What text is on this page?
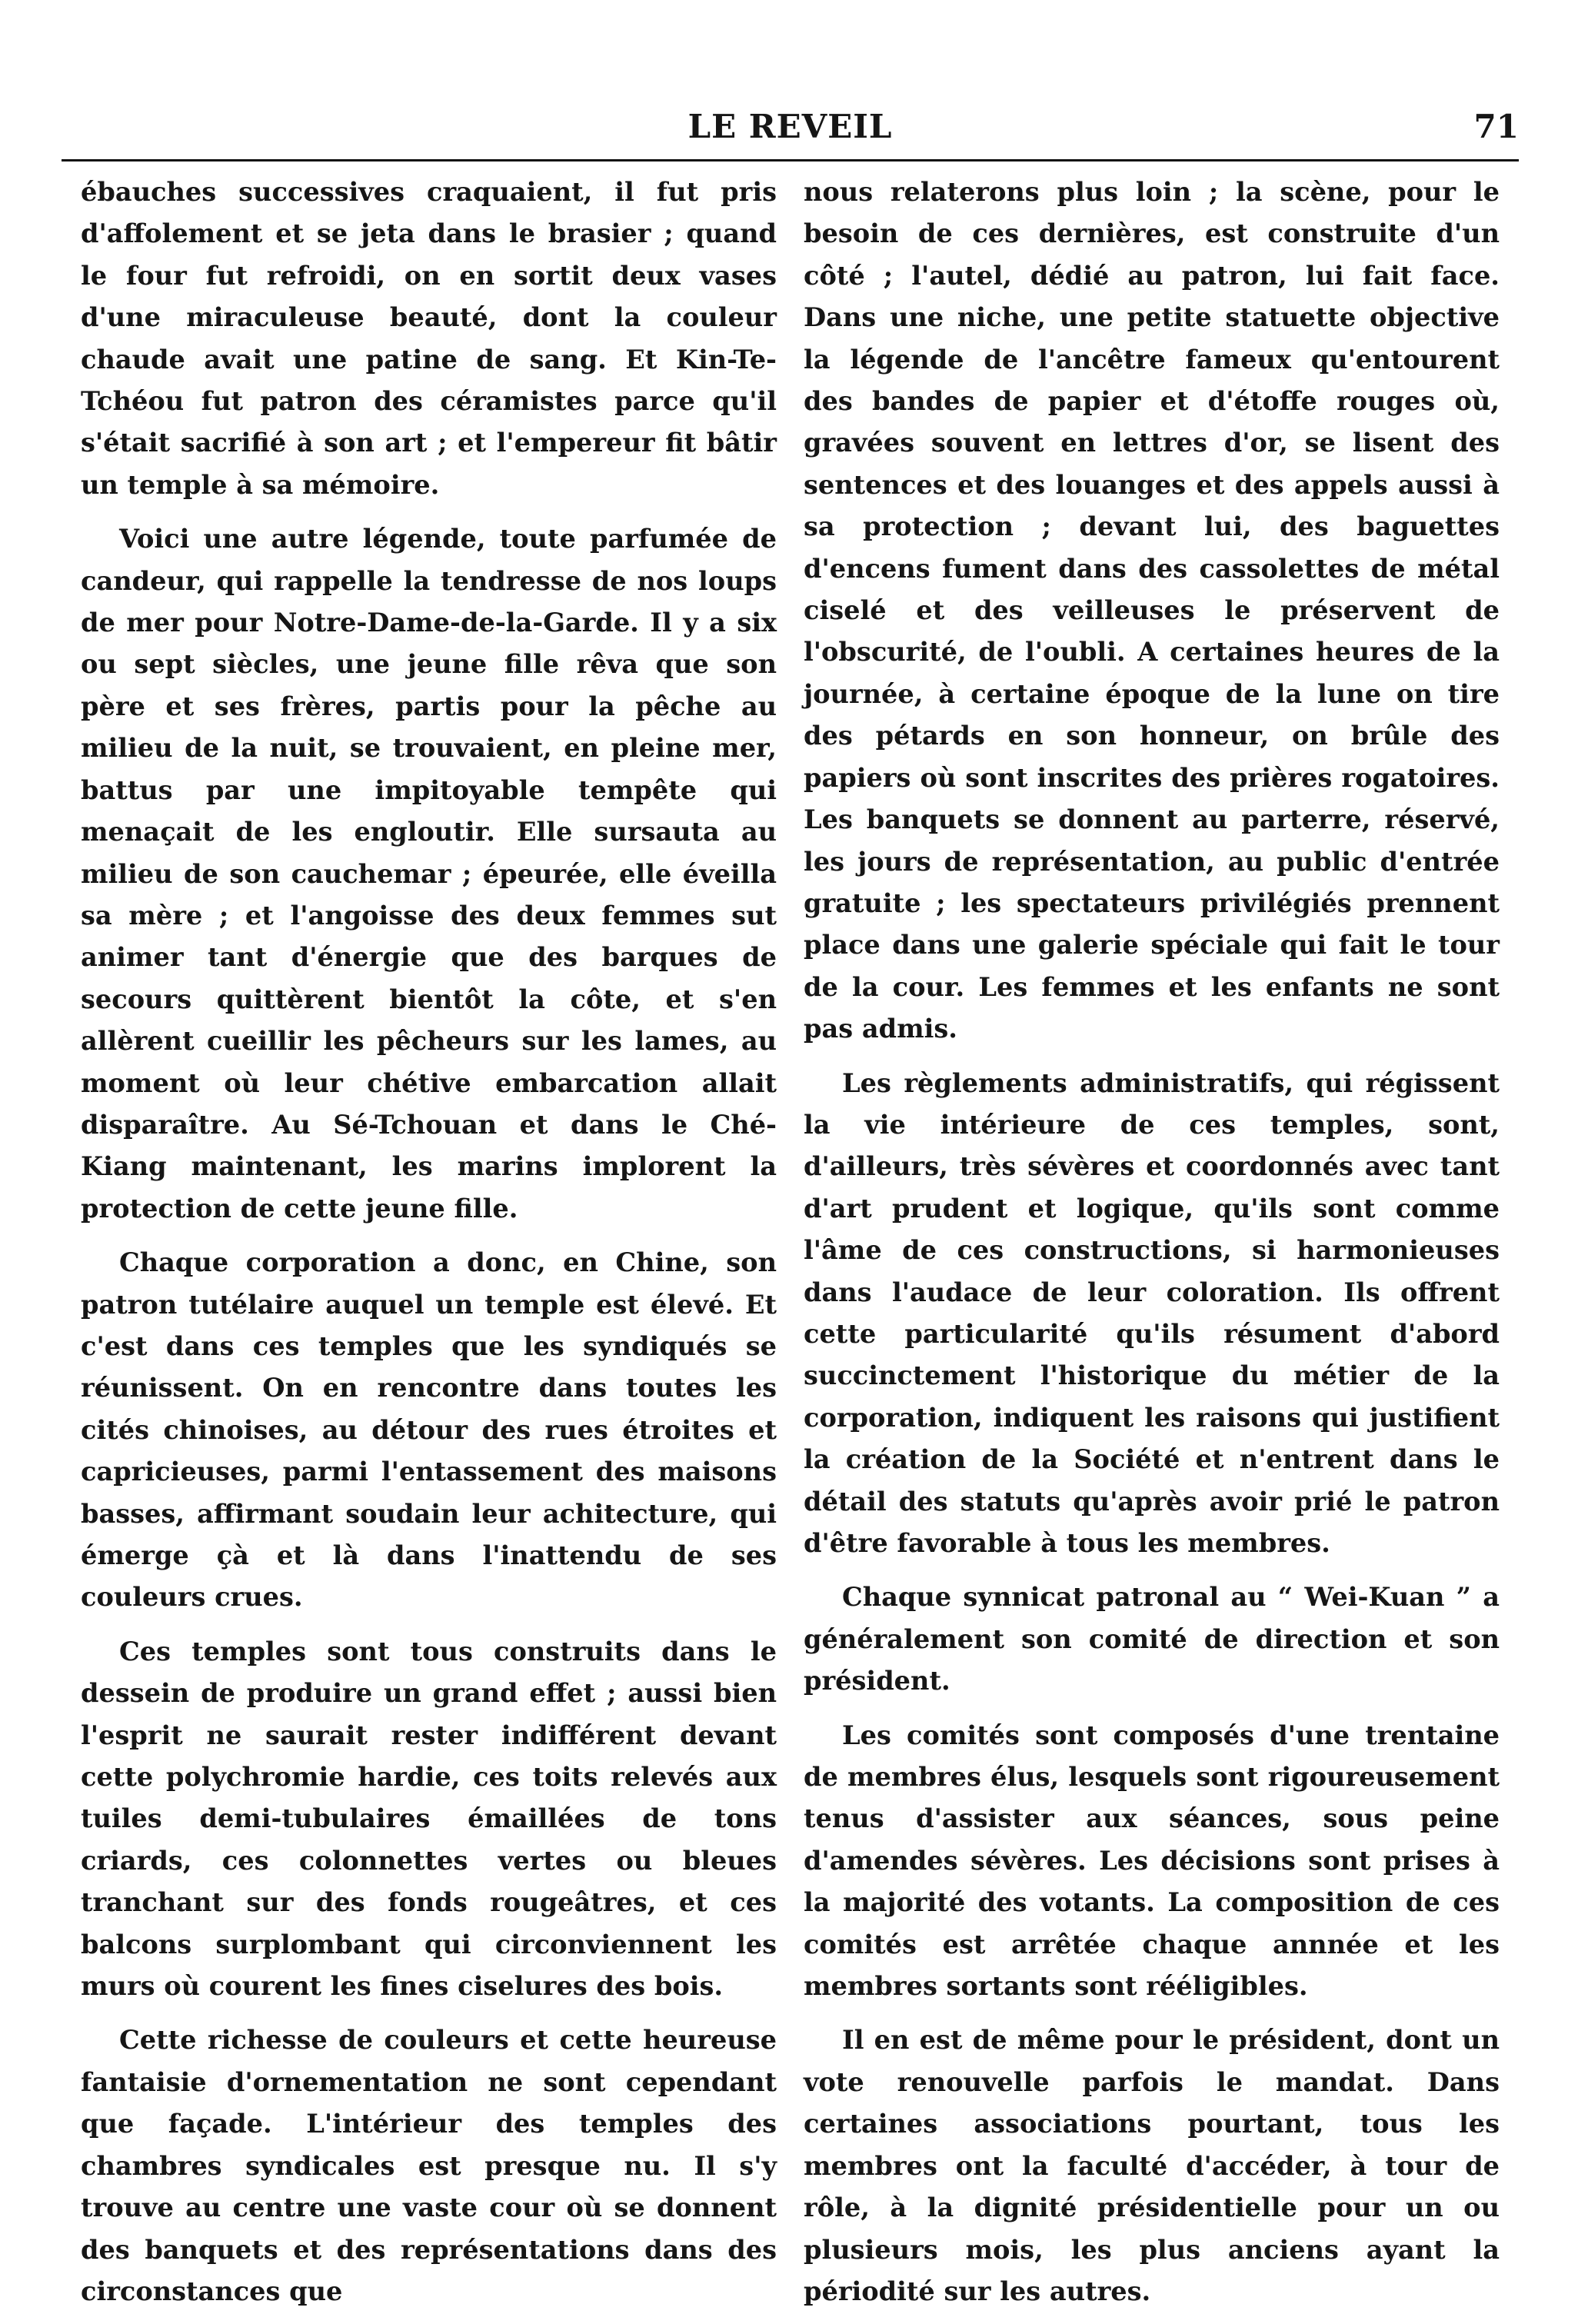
LE REVEIL	71

ébauches successives craquaient, il fut pris d'affolement et se jeta dans le brasier ; quand le four fut refroidi, on en sortit deux vases d'une miraculeuse beauté, dont la couleur chaude avait une patine de sang. Et Kin-Te-Tchéou fut patron des céramistes parce qu'il s'était sacrifié à son art ; et l'empereur fit bâtir un temple à sa mémoire.

Voici une autre légende, toute parfumée de candeur, qui rappelle la tendresse de nos loups de mer pour Notre-Dame-de-la-Garde. Il y a six ou sept siècles, une jeune fille rêva que son père et ses frères, partis pour la pêche au milieu de la nuit, se trouvaient, en pleine mer, battus par une impitoyable tempête qui menaçait de les engloutir. Elle sursauta au milieu de son cauchemar ; épeurée, elle éveilla sa mère ; et l'angoisse des deux femmes sut animer tant d'énergie que des barques de secours quittèrent bientôt la côte, et s'en allèrent cueillir les pêcheurs sur les lames, au moment où leur chétive embarcation allait disparaître. Au Sé-Tchouan et dans le Ché-Kiang maintenant, les marins implorent la protection de cette jeune fille.

Chaque corporation a donc, en Chine, son patron tutélaire auquel un temple est élevé. Et c'est dans ces temples que les syndiqués se réunissent. On en rencontre dans toutes les cités chinoises, au détour des rues étroites et capricieuses, parmi l'entassement des maisons basses, affirmant soudain leur achitecture, qui émerge çà et là dans l'inattendu de ses couleurs crues.

Ces temples sont tous construits dans le dessein de produire un grand effet ; aussi bien l'esprit ne saurait rester indifférent devant cette polychromie hardie, ces toits relevés aux tuiles demi-tubulaires émaillées de tons criards, ces colonnettes vertes ou bleues tranchant sur des fonds rougeâtres, et ces balcons surplombant qui circonviennent les murs où courent les fines ciselures des bois.

Cette richesse de couleurs et cette heureuse fantaisie d'ornementation ne sont cependant que façade. L'intérieur des temples des chambres syndicales est presque nu. Il s'y trouve au centre une vaste cour où se donnent des banquets et des représentations dans des circonstances que

nous relaterons plus loin ; la scène, pour le besoin de ces dernières, est construite d'un côté ; l'autel, dédié au patron, lui fait face. Dans une niche, une petite statuette objective la légende de l'ancêtre fameux qu'entourent des bandes de papier et d'étoffe rouges où, gravées souvent en lettres d'or, se lisent des sentences et des louanges et des appels aussi à sa protection ; devant lui, des baguettes d'encens fument dans des cassolettes de métal ciselé et des veilleuses le préservent de l'obscurité, de l'oubli. A certaines heures de la journée, à certaine époque de la lune on tire des pétards en son honneur, on brûle des papiers où sont inscrites des prières rogatoires. Les banquets se donnent au parterre, réservé, les jours de représentation, au public d'entrée gratuite ; les spectateurs privilégiés prennent place dans une galerie spéciale qui fait le tour de la cour. Les femmes et les enfants ne sont pas admis.

Les règlements administratifs, qui régissent la vie intérieure de ces temples, sont, d'ailleurs, très sévères et coordonnés avec tant d'art prudent et logique, qu'ils sont comme l'âme de ces constructions, si harmonieuses dans l'audace de leur coloration. Ils offrent cette particularité qu'ils résument d'abord succinctement l'historique du métier de la corporation, indiquent les raisons qui justifient la création de la Société et n'entrent dans le détail des statuts qu'après avoir prié le patron d'être favorable à tous les membres.

Chaque synnicat patronal au “ Wei-Kuan ” a généralement son comité de direction et son président.

Les comités sont composés d'une trentaine de membres élus, lesquels sont rigoureusement tenus d'assister aux séances, sous peine d'amendes sévères. Les décisions sont prises à la majorité des votants. La composition de ces comités est arrêtée chaque annnée et les membres sortants sont rééligibles.

Il en est de même pour le président, dont un vote renouvelle parfois le mandat. Dans certaines associations pourtant, tous les membres ont la faculté d'accéder, à tour de rôle, à la dignité présidentielle pour un ou plusieurs mois, les plus anciens ayant la périodité sur les autres.
